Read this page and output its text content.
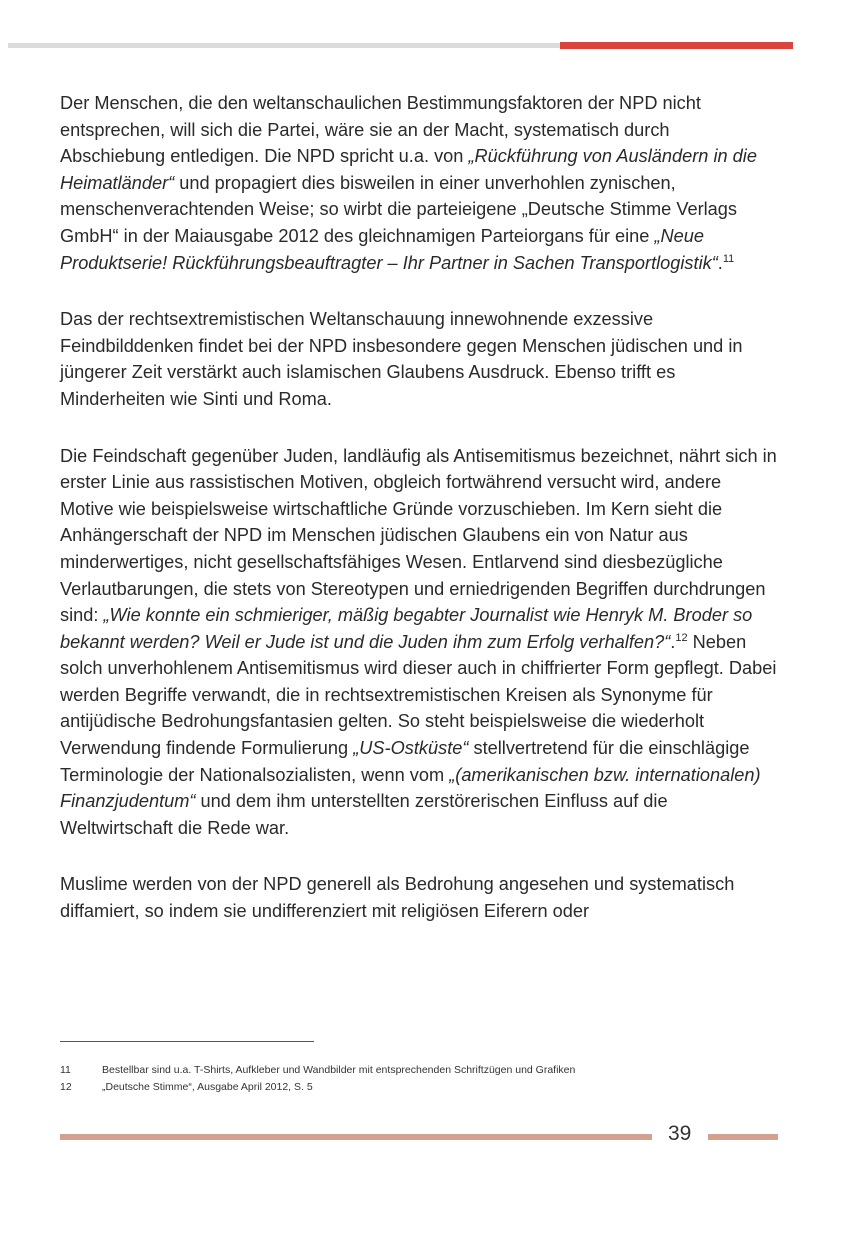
Der Menschen, die den weltanschaulichen Bestimmungsfaktoren der NPD nicht entsprechen, will sich die Partei, wäre sie an der Macht, systematisch durch Abschiebung entledigen. Die NPD spricht u.a. von „Rückführung von Ausländern in die Heimatländer“ und propagiert dies bisweilen in einer unverhohlen zynischen, menschenverachtenden Weise; so wirbt die parteieigene „Deutsche Stimme Verlags GmbH“ in der Maiausgabe 2012 des gleichnamigen Parteiorgans für eine „Neue Produktserie! Rückführungsbeauftragter – Ihr Partner in Sachen Transportlogistik“.$^{11}$

Das der rechtsextremistischen Weltanschauung innewohnende exzessive Feindbilddenken findet bei der NPD insbesondere gegen Menschen jüdischen und in jüngerer Zeit verstärkt auch islamischen Glaubens Ausdruck. Ebenso trifft es Minderheiten wie Sinti und Roma.

Die Feindschaft gegenüber Juden, landläufig als Antisemitismus bezeichnet, nährt sich in erster Linie aus rassistischen Motiven, obgleich fortwährend versucht wird, andere Motive wie beispielsweise wirtschaftliche Gründe vorzuschieben. Im Kern sieht die Anhängerschaft der NPD im Menschen jüdischen Glaubens ein von Natur aus minderwertiges, nicht gesellschaftsfähiges Wesen. Entlarvend sind diesbezügliche Verlautbarungen, die stets von Stereotypen und erniedrigenden Begriffen durchdrungen sind: „Wie konnte ein schmieriger, mäßig begabter Journalist wie Henryk M. Broder so bekannt werden? Weil er Jude ist und die Juden ihm zum Erfolg verhalfen?“.$^{12}$ Neben solch unverhohlenem Antisemitismus wird dieser auch in chiffrierter Form gepflegt. Dabei werden Begriffe verwandt, die in rechtsextremistischen Kreisen als Synonyme für antijüdische Bedrohungsfantasien gelten. So steht beispielsweise die wiederholt Verwendung findende Formulierung „US-Ostküste“ stellvertretend für die einschlägige Terminologie der Nationalsozialisten, wenn vom „(amerikanischen bzw. internationalen) Finanzjudentum“ und dem ihm unterstellten zerstörerischen Einfluss auf die Weltwirtschaft die Rede war.

Muslime werden von der NPD generell als Bedrohung angesehen und systematisch diffamiert, so indem sie undifferenziert mit religiösen Eiferern oder

11	Bestellbar sind u.a. T-Shirts, Aufkleber und Wandbilder mit entsprechenden Schriftzügen und Grafiken
12	„Deutsche Stimme“, Ausgabe April 2012, S. 5
39
